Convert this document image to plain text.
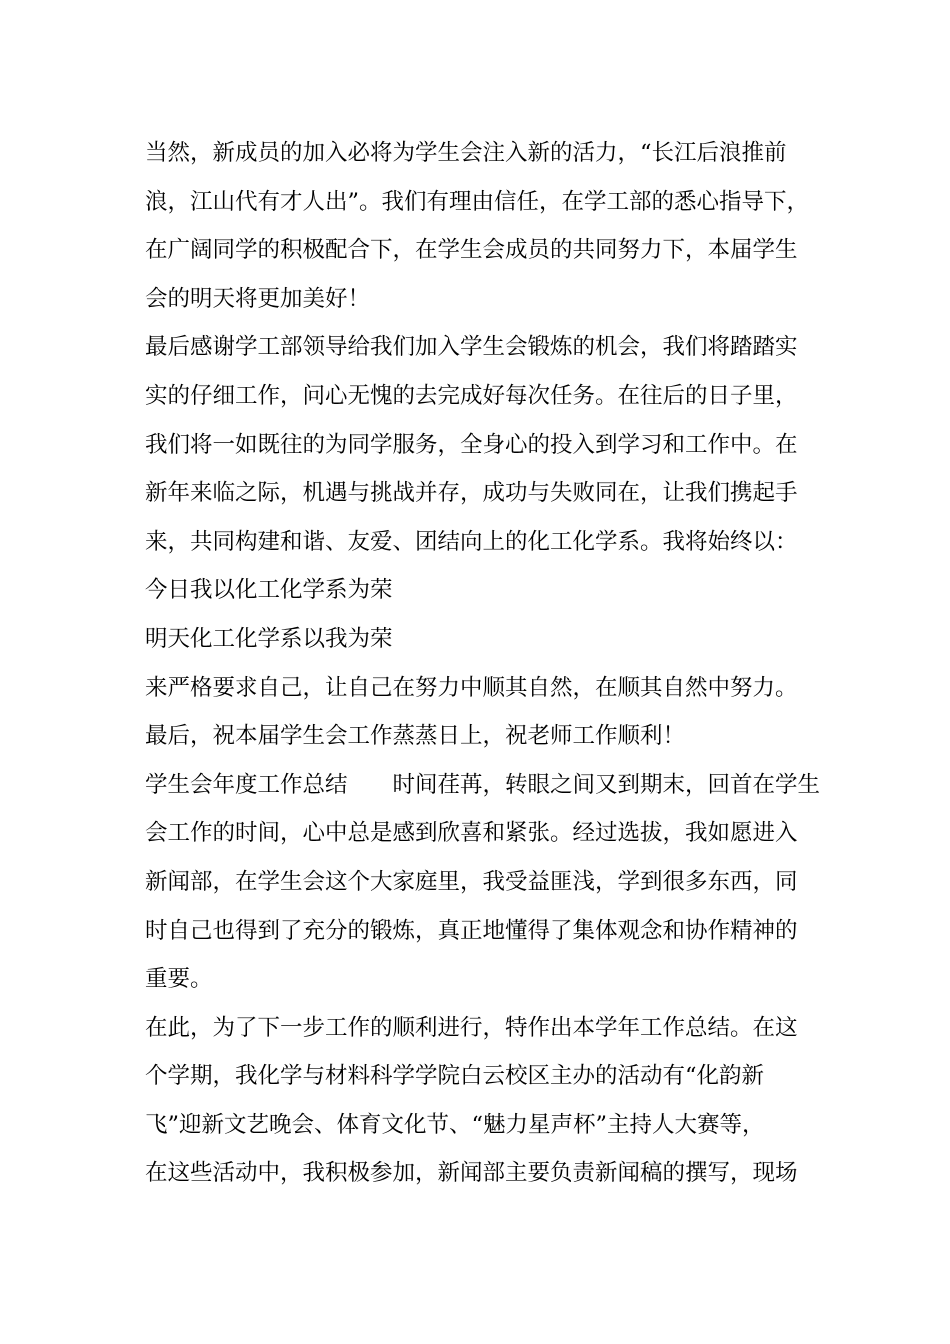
当然，新成员的加入必将为学生会注入新的活力，“长江后浪推前
浪，江山代有才人出”。我们有理由信任，在学工部的悉心指导下，
在广阔同学的积极配合下，在学生会成员的共同努力下，本届学生
会的明天将更加美好！
最后感谢学工部领导给我们加入学生会锻炼的机会，我们将踏踏实
实的仔细工作，问心无愧的去完成好每次任务。在往后的日子里，
我们将一如既往的为同学服务，全身心的投入到学习和工作中。在
新年来临之际，机遇与挑战并存，成功与失败同在，让我们携起手
来，共同构建和谐、友爱、团结向上的化工化学系。我将始终以：
今日我以化工化学系为荣
明天化工化学系以我为荣
来严格要求自己，让自己在努力中顺其自然，在顺其自然中努力。
最后，祝本届学生会工作蒸蒸日上，祝老师工作顺利！
学生会年度工作总结　　时间荏苒，转眼之间又到期末，回首在学生
会工作的时间，心中总是感到欣喜和紧张。经过选拔，我如愿进入
新闻部，在学生会这个大家庭里，我受益匪浅，学到很多东西，同
时自己也得到了充分的锻炼，真正地懂得了集体观念和协作精神的
重要。
在此，为了下一步工作的顺利进行，特作出本学年工作总结。在这
个学期，我化学与材料科学学院白云校区主办的活动有“化韵新
飞”迎新文艺晚会、体育文化节、“魅力星声杯”主持人大赛等，
在这些活动中，我积极参加，新闻部主要负责新闻稿的撰写，现场
